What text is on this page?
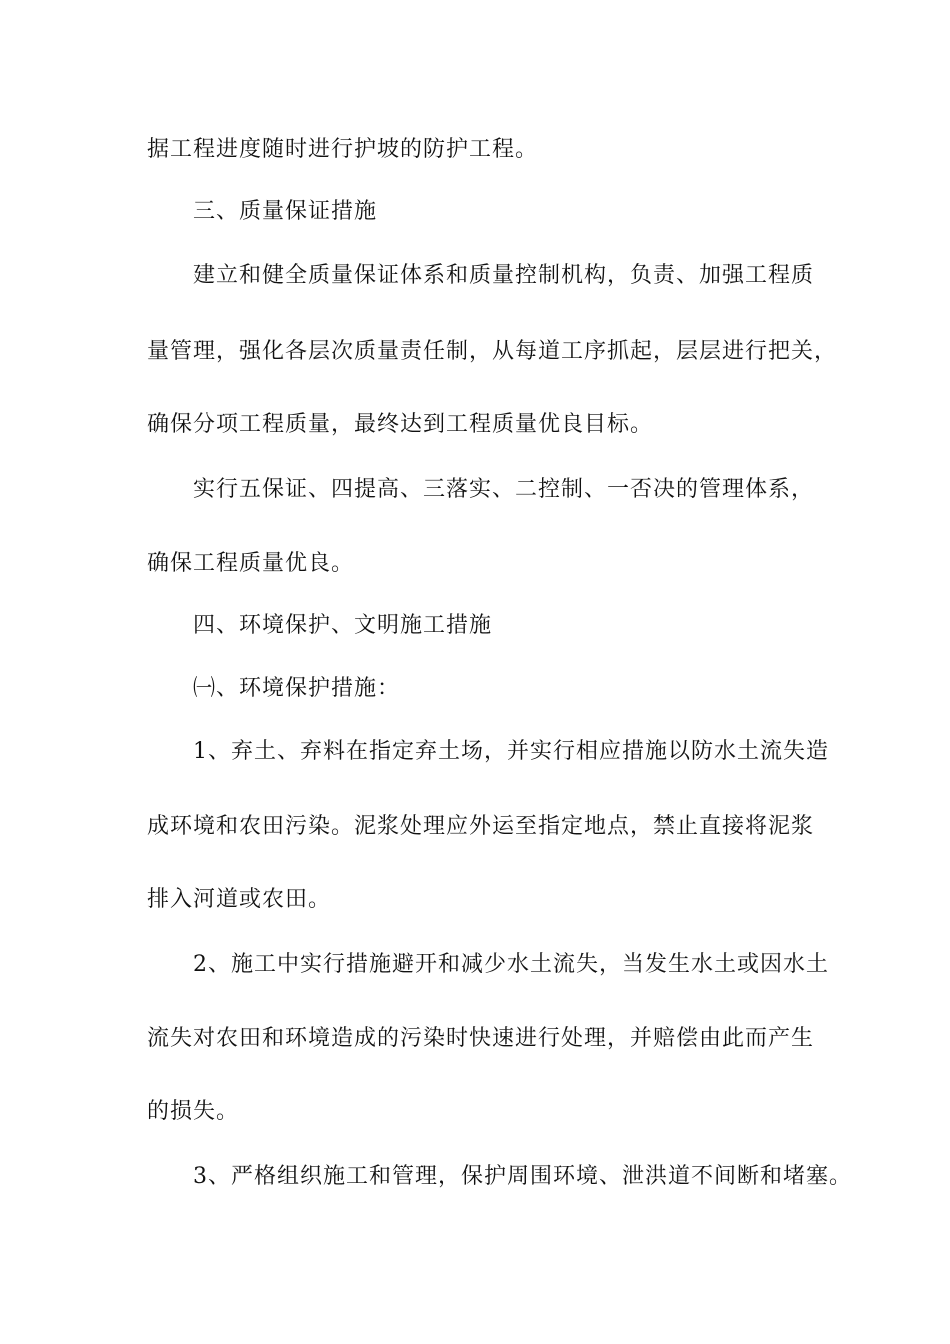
据工程进度随时进行护坡的防护工程。
三、质量保证措施
建立和健全质量保证体系和质量控制机构，负责、加强工程质
量管理，强化各层次质量责任制，从每道工序抓起，层层进行把关，
确保分项工程质量，最终达到工程质量优良目标。
实行五保证、四提高、三落实、二控制、一否决的管理体系，
确保工程质量优良。
四、环境保护、文明施工措施
㈠、环境保护措施：
1、弃土、弃料在指定弃土场，并实行相应措施以防水土流失造
成环境和农田污染。泥浆处理应外运至指定地点，禁止直接将泥浆
排入河道或农田。
2、施工中实行措施避开和减少水土流失，当发生水土或因水土
流失对农田和环境造成的污染时快速进行处理，并赔偿由此而产生
的损失。
3、严格组织施工和管理，保护周围环境、泄洪道不间断和堵塞。
